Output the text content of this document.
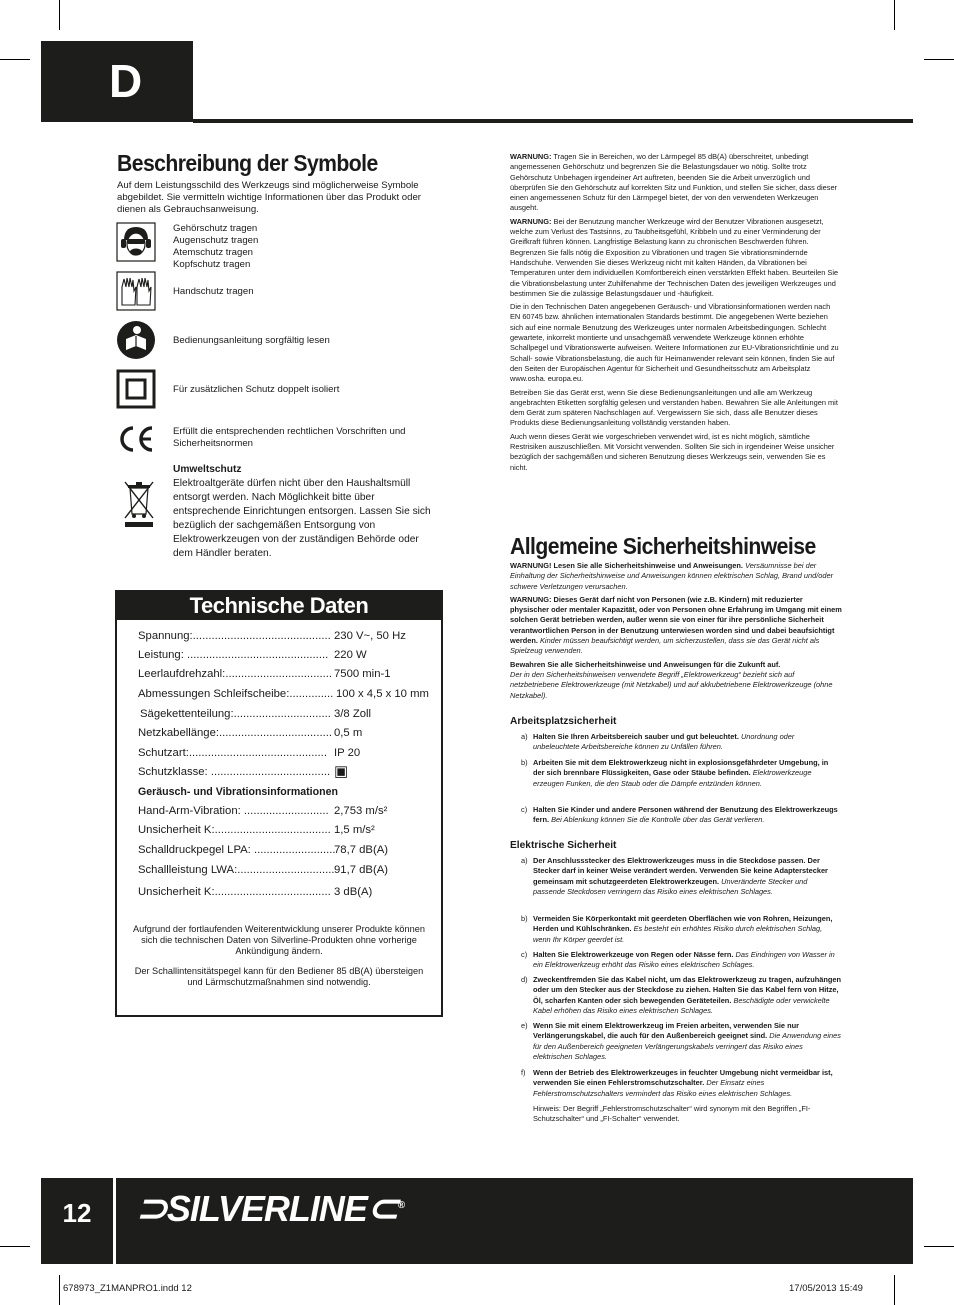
D
Beschreibung der Symbole
Auf dem Leistungsschild des Werkzeugs sind möglicherweise Symbole abgebildet. Sie vermitteln wichtige Informationen über das Produkt oder dienen als Gebrauchsanweisung.
Gehörschutz tragen
Augenschutz tragen
Atemschutz tragen
Kopfschutz tragen
Handschutz tragen
Bedienungsanleitung sorgfältig lesen
Für zusätzlichen Schutz doppelt isoliert
Erfüllt die entsprechenden rechtlichen Vorschriften und
Sicherheitsnormen
Umweltschutz
Elektroaltgeräte dürfen nicht über den Haushaltsmüll entsorgt werden. Nach Möglichkeit bitte über entsprechende Einrichtungen entsorgen. Lassen Sie sich bezüglich der sachgemäßen Entsorgung von Elektrowerkzeugen von der zuständigen Behörde oder dem Händler beraten.
Technische Daten
Spannung:............................................ 230 V~, 50 Hz
Leistung: ............................................. 220 W
Leerlaufdrehzahl:.................................. 7500 min-1
Abmessungen Schleifscheibe:.............. 100 x 4,5 x 10 mm
Sägekettenteilung:............................... 3/8 Zoll
Netzkabellänge:.................................... 0,5 m
Schutzart:............................................ IP 20
Schutzklasse: ...................................... ▣
Geräusch- und Vibrationsinformationen
Hand-Arm-Vibration: ........................... 2,753 m/s²
Unsicherheit K:..................................... 1,5 m/s²
Schalldruckpegel LPA: ..........................
78,7 dB(A)
Schallleistung LWA:............................... 91,7 dB(A)
Unsicherheit K:..................................... 3 dB(A)
Aufgrund der fortlaufenden Weiterentwicklung unserer Produkte können sich die technischen Daten von Silverline-Produkten ohne vorherige Ankündigung ändern.
Der Schallintensitätspegel kann für den Bediener 85 dB(A) übersteigen und Lärmschutzmaßnahmen sind notwendig.

WARNUNG: Tragen Sie in Bereichen, wo der Lärmpegel 85 dB(A) überschreitet, unbedingt angemessenen Gehörschutz und begrenzen Sie die Belastungsdauer wo nötig. Sollte trotz Gehörschutz Unbehagen irgendeiner Art auftreten, beenden Sie die Arbeit unverzüglich und überprüfen Sie den Gehörschutz auf korrekten Sitz und Funktion, und stellen Sie sicher, dass dieser einen angemessenen Schutz für den Lärmpegel bietet, der von den verwendeten Werkzeugen ausgeht.

WARNUNG: Bei der Benutzung mancher Werkzeuge wird der Benutzer Vibrationen ausgesetzt, welche zum Verlust des Tastsinns, zu Taubheitsgefühl, Kribbeln und zu einer Verminderung der Greifkraft führen können. Langfristige Belastung kann zu chronischen Beschwerden führen. Begrenzen Sie falls nötig die Exposition zu Vibrationen und tragen Sie vibrationsmindernde Handschuhe. Verwenden Sie dieses Werkzeug nicht mit kalten Händen, da Vibrationen bei Temperaturen unter dem individuellen Komfortbereich einen verstärkten Effekt haben. Beurteilen Sie die Vibrationsbelastung unter Zuhilfenahme der Technischen Daten des jeweiligen Werkzeuges und bestimmen Sie die zulässige Belastungsdauer und -häufigkeit.

Die in den Technischen Daten angegebenen Geräusch- und Vibrationsinformationen werden nach EN 60745 bzw. ähnlichen internationalen Standards bestimmt. Die angegebenen Werte beziehen sich auf eine normale Benutzung des Werkzeuges unter normalen Arbeitsbedingungen. Schlecht gewartete, inkorrekt montierte und unsachgemäß verwendete Werkzeuge können erhöhte Schallpegel und Vibrationswerte aufweisen. Weitere Informationen zur EU-Vibrationsrichtlinie und zu Schall- sowie Vibrationsbelastung, die auch für Heimanwender relevant sein können, finden Sie auf den Seiten der Europäischen Agentur für Sicherheit und Gesundheitsschutz am Arbeitsplatz www.osha. europa.eu.

Betreiben Sie das Gerät erst, wenn Sie diese Bedienungsanleitungen und alle am Werkzeug angebrachten Etiketten sorgfältig gelesen und verstanden haben. Bewahren Sie alle Anleitungen mit dem Gerät zum späteren Nachschlagen auf. Vergewissern Sie sich, dass alle Benutzer dieses Produkts diese Bedienungsanleitung vollständig verstanden haben.

Auch wenn dieses Gerät wie vorgeschrieben verwendet wird, ist es nicht möglich, sämtliche Restrisiken auszuschließen. Mit Vorsicht verwenden. Sollten Sie sich in irgendeiner Weise unsicher bezüglich der sachgemäßen und sicheren Benutzung dieses Werkzeugs sein, verwenden Sie es nicht.

Allgemeine Sicherheitshinweise

WARNUNG! Lesen Sie alle Sicherheitshinweise und Anweisungen. Versäumnisse bei der Einhaltung der Sicherheitshinweise und Anweisungen können elektrischen Schlag, Brand und/oder schwere Verletzungen verursachen.

WARNUNG: Dieses Gerät darf nicht von Personen (wie z.B. Kindern) mit reduzierter physischer oder mentaler Kapazität, oder von Personen ohne Erfahrung im Umgang mit einem solchen Gerät betrieben werden, außer wenn sie von einer für ihre persönliche Sicherheit verantwortlichen Person in der Benutzung unterwiesen worden sind und dabei beaufsichtigt werden. Kinder müssen beaufsichtigt werden, um sicherzustellen, dass sie das Gerät nicht als Spielzeug verwenden.

Bewahren Sie alle Sicherheitshinweise und Anweisungen für die Zukunft auf.
Der in den Sicherheitshinweisen verwendete Begriff „Elektrowerkzeug“ bezieht sich auf netzbetriebene Elektrowerkzeuge (mit Netzkabel) und auf akkubetriebene Elektrowerkzeuge (ohne Netzkabel).

Arbeitsplatzsicherheit
a) Halten Sie Ihren Arbeitsbereich sauber und gut beleuchtet. Unordnung oder unbeleuchtete Arbeitsbereiche können zu Unfällen führen.
b) Arbeiten Sie mit dem Elektrowerkzeug nicht in explosionsgefährdeter Umgebung, in der sich brennbare Flüssigkeiten, Gase oder Stäube befinden. Elektrowerkzeuge erzeugen Funken, die den Staub oder die Dämpfe entzünden können.
c) Halten Sie Kinder und andere Personen während der Benutzung des Elektrowerkzeugs fern. Bei Ablenkung können Sie die Kontrolle über das Gerät verlieren.
Elektrische Sicherheit
a) Der Anschlussstecker des Elektrowerkzeuges muss in die Steckdose passen. Der Stecker darf in keiner Weise verändert werden. Verwenden Sie keine Adapterstecker gemeinsam mit schutzgeerdeten Elektrowerkzeugen. Unveränderte Stecker und passende Steckdosen verringern das Risiko eines elektrischen Schlages.
b) Vermeiden Sie Körperkontakt mit geerdeten Oberflächen wie von Rohren, Heizungen, Herden und Kühlschränken. Es besteht ein erhöhtes Risiko durch elektrischen Schlag, wenn Ihr Körper geerdet ist.
c) Halten Sie Elektrowerkzeuge von Regen oder Nässe fern. Das Eindringen von Wasser in ein Elektrowerkzeug erhöht das Risiko eines elektrischen Schlages.
d) Zweckentfremden Sie das Kabel nicht, um das Elektrowerkzeug zu tragen, aufzuhängen oder um den Stecker aus der Steckdose zu ziehen. Halten Sie das Kabel fern von Hitze, Öl, scharfen Kanten oder sich bewegenden Geräteteilen. Beschädigte oder verwickelte Kabel erhöhen das Risiko eines elektrischen Schlages.
e) Wenn Sie mit einem Elektrowerkzeug im Freien arbeiten, verwenden Sie nur Verlängerungskabel, die auch für den Außenbereich geeignet sind. Die Anwendung eines für den Außenbereich geeigneten Verlängerungskabels verringert das Risiko eines elektrischen Schlages.
f) Wenn der Betrieb des Elektrowerkzeuges in feuchter Umgebung nicht vermeidbar ist, verwenden Sie einen Fehlerstromschutzschalter. Der Einsatz eines Fehlerstromschutzschalters vermindert das Risiko eines elektrischen Schlages.
Hinweis: Der Begriff „Fehlerstromschutzschalter“ wird synonym mit den Begriffen „FI-Schutzschalter“ und „FI-Schalter“ verwendet.
12	⊃SILVERLINE⊂®
678973_Z1MANPRO1.indd 12	17/05/2013 15:49
